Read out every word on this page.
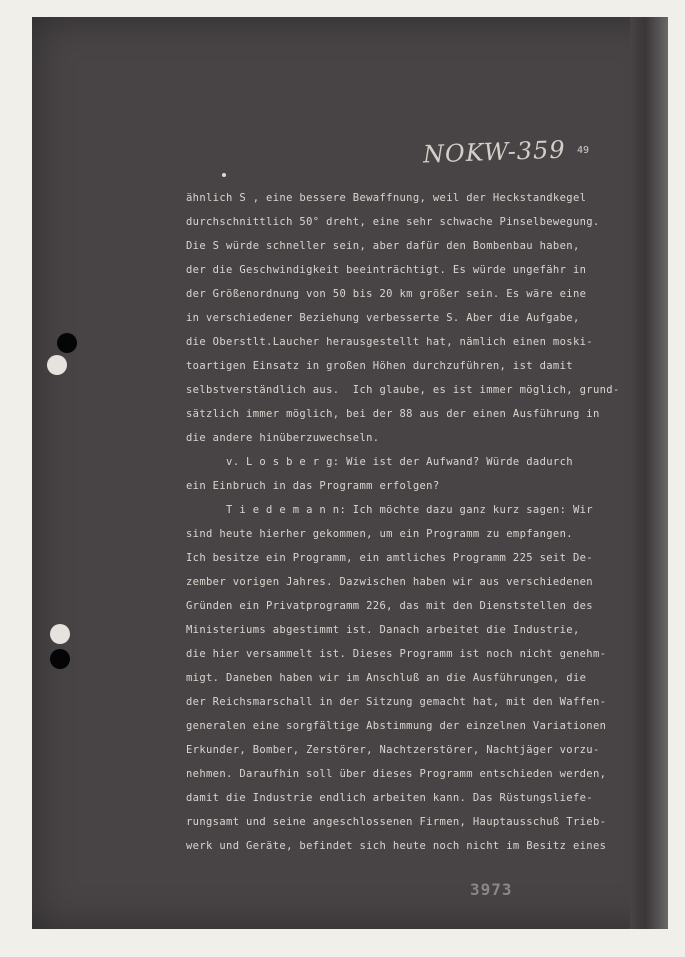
NOKW-359 49
ähnlich S , eine bessere Bewaffnung, weil der Heckstandkegel
durchschnittlich 50° dreht, eine sehr schwache Pinselbewegung.
Die S würde schneller sein, aber dafür den Bombenbau haben,
der die Geschwindigkeit beeinträchtigt. Es würde ungefähr in
der Größenordnung von 50 bis 20 km größer sein. Es wäre eine
in verschiedener Beziehung verbesserte S. Aber die Aufgabe,
die Oberstlt.Laucher herausgestellt hat, nämlich einen moski-
toartigen Einsatz in großen Höhen durchzuführen, ist damit
selbstverständlich aus.  Ich glaube, es ist immer möglich, grund-
sätzlich immer möglich, bei der 88 aus der einen Ausführung in
die andere hinüberzuwechseln.
v. L o s b e r g: Wie ist der Aufwand? Würde dadurch
ein Einbruch in das Programm erfolgen?
T i e d e m a n n: Ich möchte dazu ganz kurz sagen: Wir
sind heute hierher gekommen, um ein Programm zu empfangen.
Ich besitze ein Programm, ein amtliches Programm 225 seit De-
zember vorigen Jahres. Dazwischen haben wir aus verschiedenen
Gründen ein Privatprogramm 226, das mit den Dienststellen des
Ministeriums abgestimmt ist. Danach arbeitet die Industrie,
die hier versammelt ist. Dieses Programm ist noch nicht genehm-
migt. Daneben haben wir im Anschluß an die Ausführungen, die
der Reichsmarschall in der Sitzung gemacht hat, mit den Waffen-
generalen eine sorgfältige Abstimmung der einzelnen Variationen
Erkunder, Bomber, Zerstörer, Nachtzerstörer, Nachtjäger vorzu-
nehmen. Daraufhin soll über dieses Programm entschieden werden,
damit die Industrie endlich arbeiten kann. Das Rüstungsliefe-
rungsamt und seine angeschlossenen Firmen, Hauptausschuß Trieb-
werk und Geräte, befindet sich heute noch nicht im Besitz eines
3973
